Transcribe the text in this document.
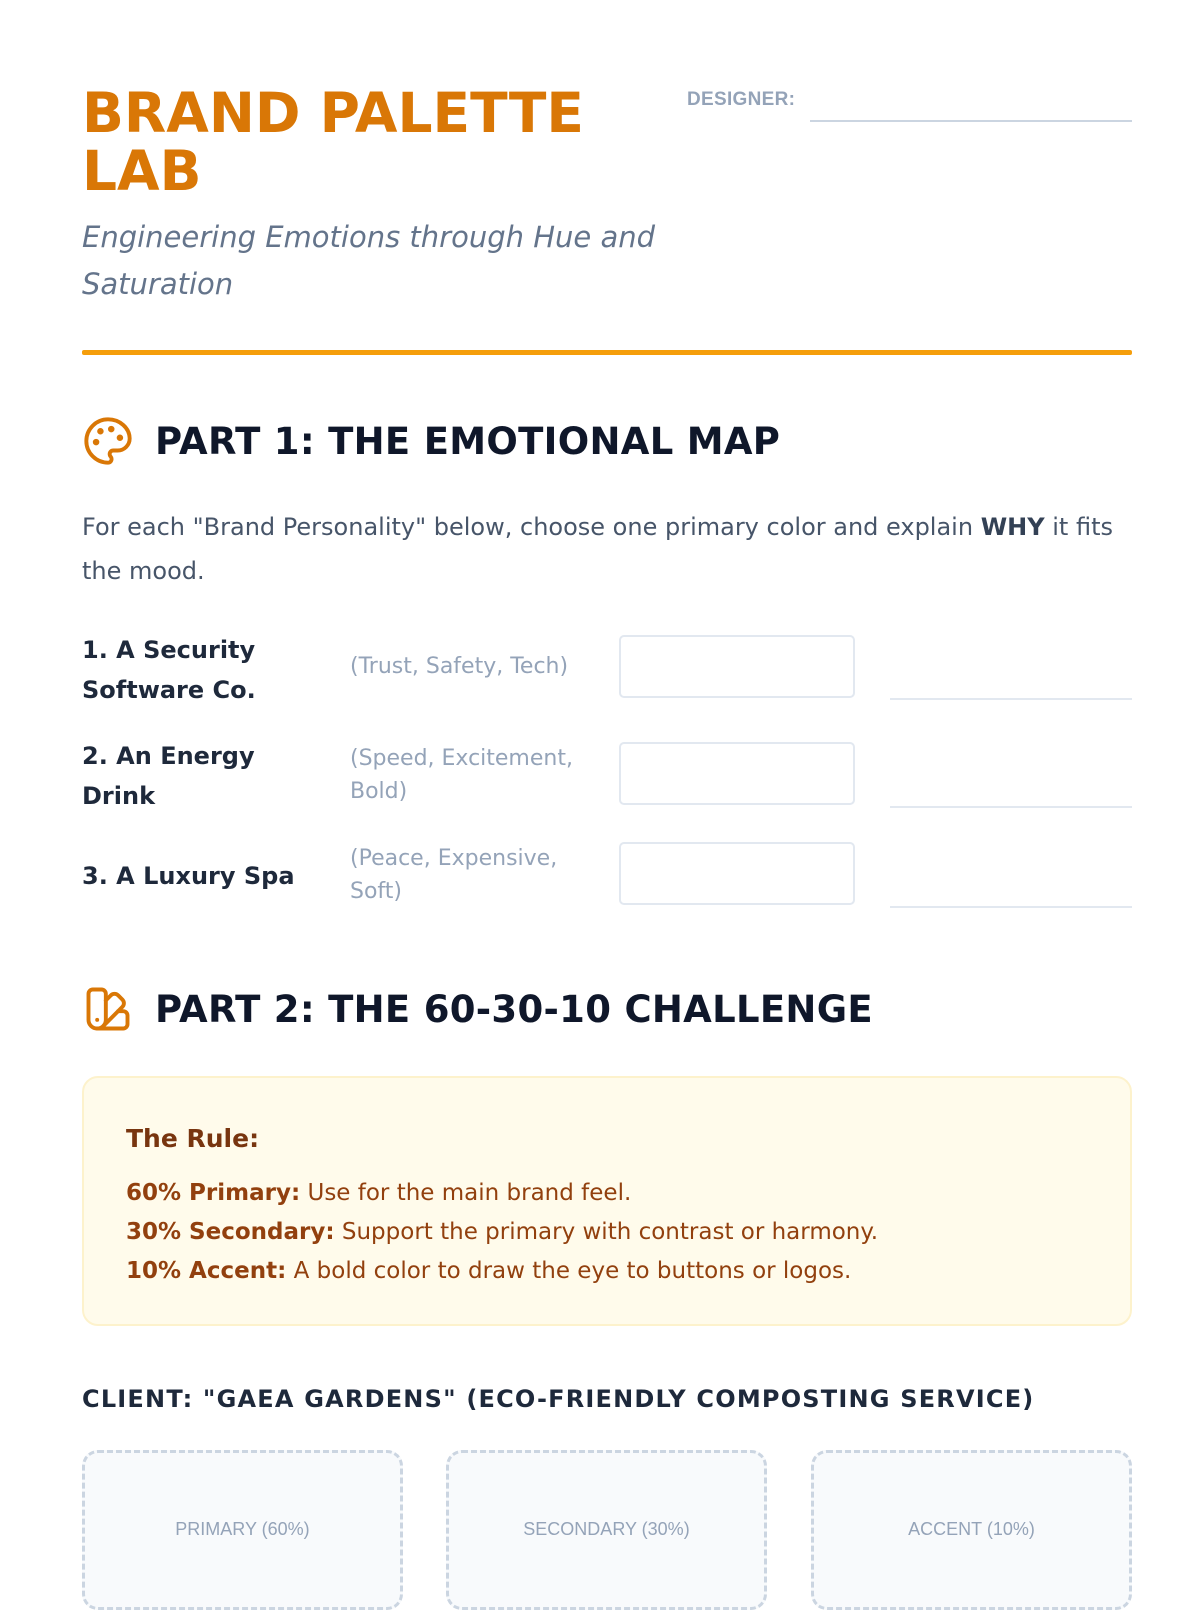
BRAND PALETTE LAB
Engineering Emotions through Hue and Saturation
DESIGNER:
PART 1: THE EMOTIONAL MAP
For each "Brand Personality" below, choose one primary color and explain WHY it fits the mood.
1. A Security Software Co.
(Trust, Safety, Tech)
2. An Energy Drink
(Speed, Excitement, Bold)
3. A Luxury Spa
(Peace, Expensive, Soft)
PART 2: THE 60-30-10 CHALLENGE
The Rule:
60% Primary: Use for the main brand feel.
30% Secondary: Support the primary with contrast or harmony.
10% Accent: A bold color to draw the eye to buttons or logos.
CLIENT: "GAEA GARDENS" (ECO-FRIENDLY COMPOSTING SERVICE)
PRIMARY (60%)	SECONDARY (30%)	ACCENT (10%)
